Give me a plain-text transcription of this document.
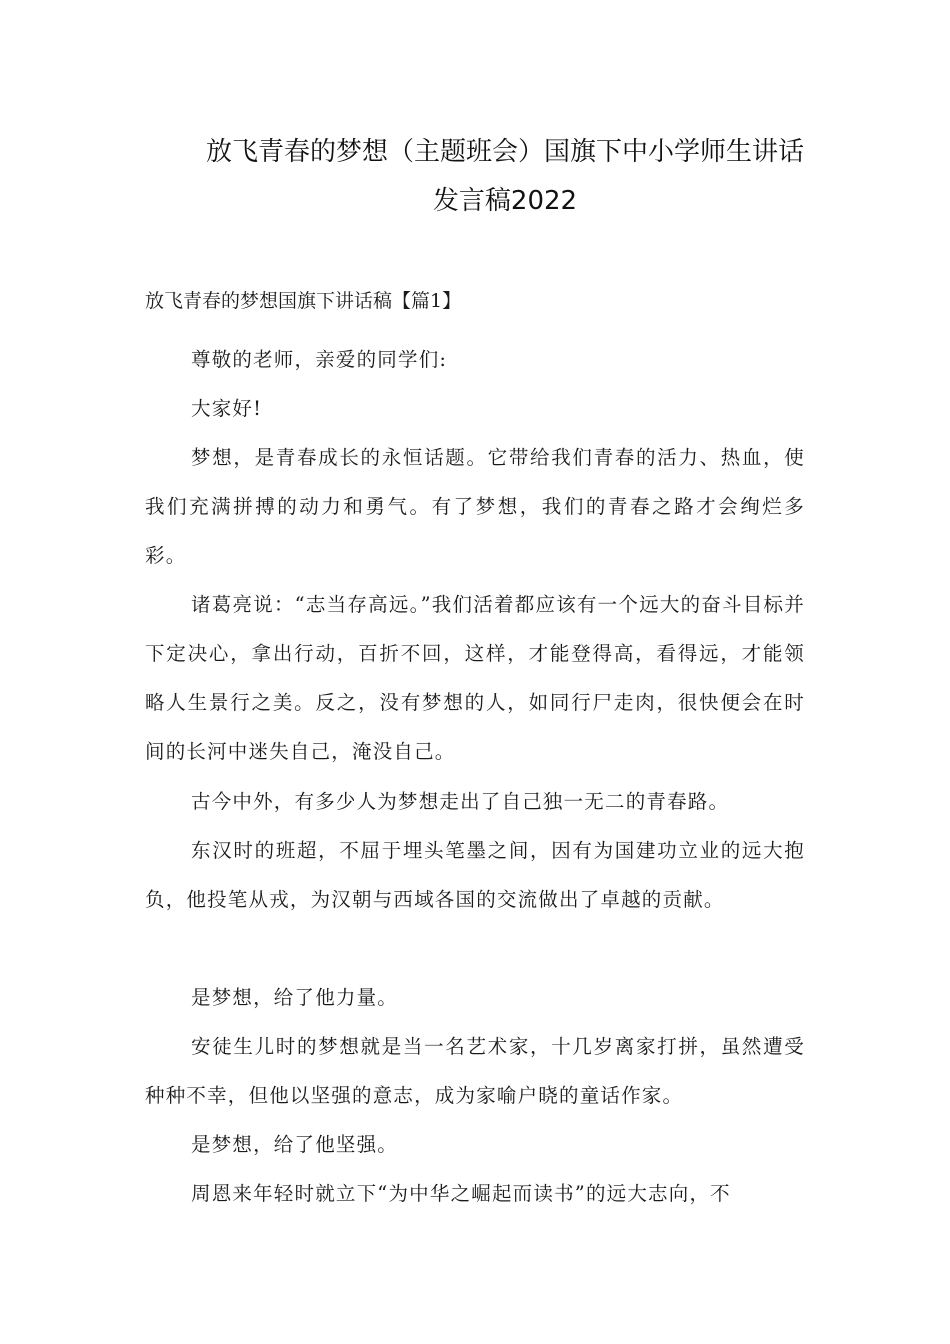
放飞青春的梦想（主题班会）国旗下中小学师生讲话
发言稿2022
放飞青春的梦想国旗下讲话稿【篇1】
尊敬的老师，亲爱的同学们:
大家好!
梦想，是青春成长的永恒话题。它带给我们青春的活力、热血，使我们充满拼搏的动力和勇气。有了梦想，我们的青春之路才会绚烂多彩。
诸葛亮说：“志当存高远。”我们活着都应该有一个远大的奋斗目标并下定决心，拿出行动，百折不回，这样，才能登得高，看得远，才能领略人生景行之美。反之，没有梦想的人，如同行尸走肉，很快便会在时间的长河中迷失自己，淹没自己。
古今中外，有多少人为梦想走出了自己独一无二的青春路。
东汉时的班超，不屈于埋头笔墨之间，因有为国建功立业的远大抱负，他投笔从戎，为汉朝与西域各国的交流做出了卓越的贡献。
是梦想，给了他力量。
安徒生儿时的梦想就是当一名艺术家，十几岁离家打拼，虽然遭受种种不幸，但他以坚强的意志，成为家喻户晓的童话作家。
是梦想，给了他坚强。
周恩来年轻时就立下“为中华之崛起而读书”的远大志向，不
